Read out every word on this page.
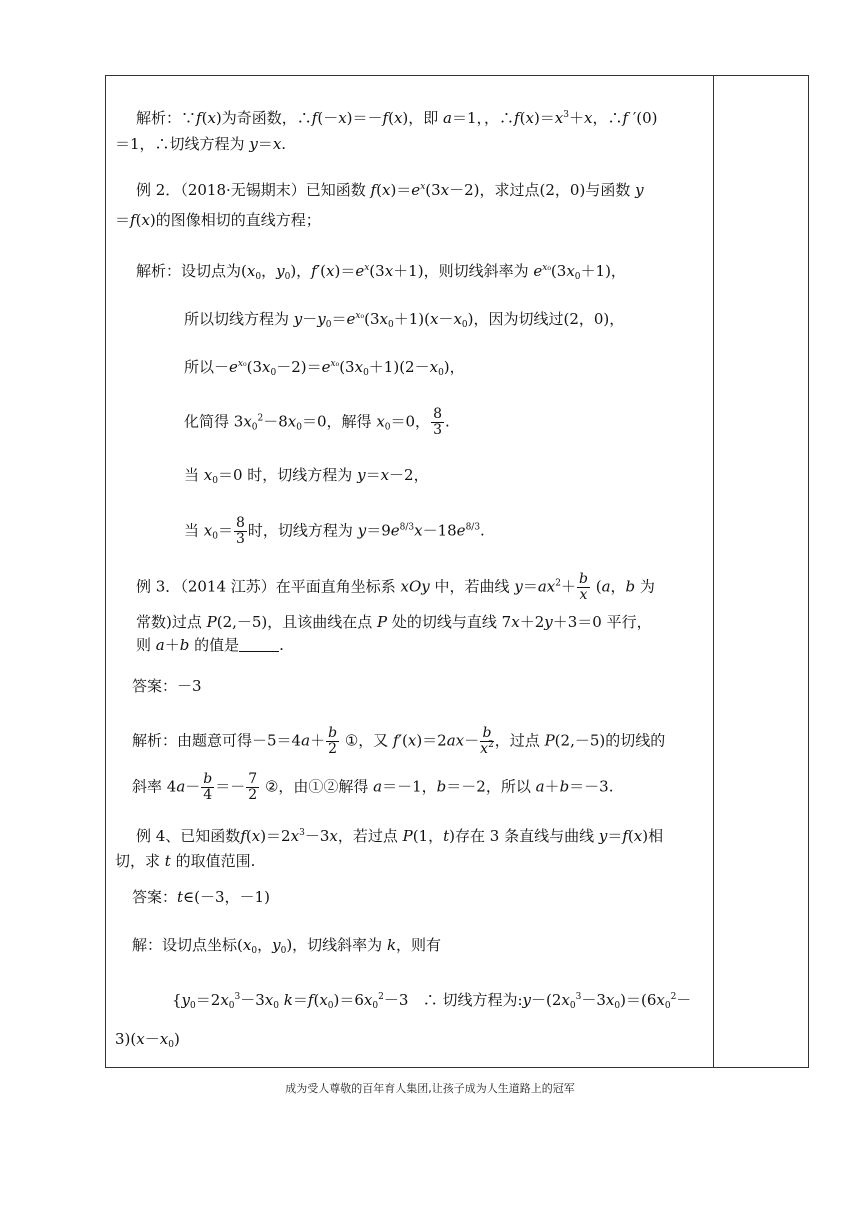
解析：∵f(x)为奇函数，∴f(－x)＝－f(x)，即 a＝1，，$\therefore f(x)=x^3+x$，∴f ′(0)
＝1，∴切线方程为 y＝x.
例 2．（2018·无锡期末）已知函数 $f(x)=e^x(3x-2)$，求过点(2，0)与函数 y
＝f(x)的图像相切的直线方程；
解析：设切点为($x_0$，$y_0$)，$f'(x)=e^x(3x+1)$，则切线斜率为 $e^{x_0}(3x_0+1)$，
所以切线方程为 $y-y_0=e^{x_0}(3x_0+1)(x-x_0)$，因为切线过(2，0)，
所以$-e^{x_0}(3x_0-2)=e^{x_0}(3x_0+1)(2-x_0)$，
化简得 $3x_0^2-8x_0=0$，解得 $x_0=0$， $\frac{8}{3}$ .
当 $x_0=0$ 时，切线方程为 y＝x－2，
当 $x_0= \frac{8}{3}$ 时，切线方程为 $y=9e^{8/3}x-18e^{8/3}$.
例 3．（2014 江苏）在平面直角坐标系 xOy 中，若曲线 $y=ax^2+ \frac{b}{x} (a$，b 为
常数)过点 P(2,－5)，且该曲线在点 P 处的切线与直线 7x＋2y＋3＝0 平行，
则 a＋b 的值是	.
答案：－3
解析：由题意可得$-5=4a+ \frac{b}{2}$ ①，又 $f'(x)=2ax- \frac{b}{x^2}$ ，过点 P(2,－5)的切线的
斜率 $4a- \frac{b}{4} =- \frac{7}{2}$ ②，由①②解得 a＝－1，b＝－2，所以 a＋b＝－3.
例 4、已知函数$f(x)=2x^3-3x$，若过点 P(1，t)存在 3 条直线与曲线 y＝f(x)相
切，求 t 的取值范围.
答案：t∈(－3，－1)
解：设切点坐标($x_0$，$y_0$)，切线斜率为 k，则有
{$y_0=2x_0^3-3x_0$ $k=f(x_0)=6x_0^2-3$   ∴ 切线方程为$:y-(2x_0^3-3x_0)=(6x_0^2-$
$3)(x-x_0)$
成为受人尊敬的百年育人集团,让孩子成为人生道路上的冠军
